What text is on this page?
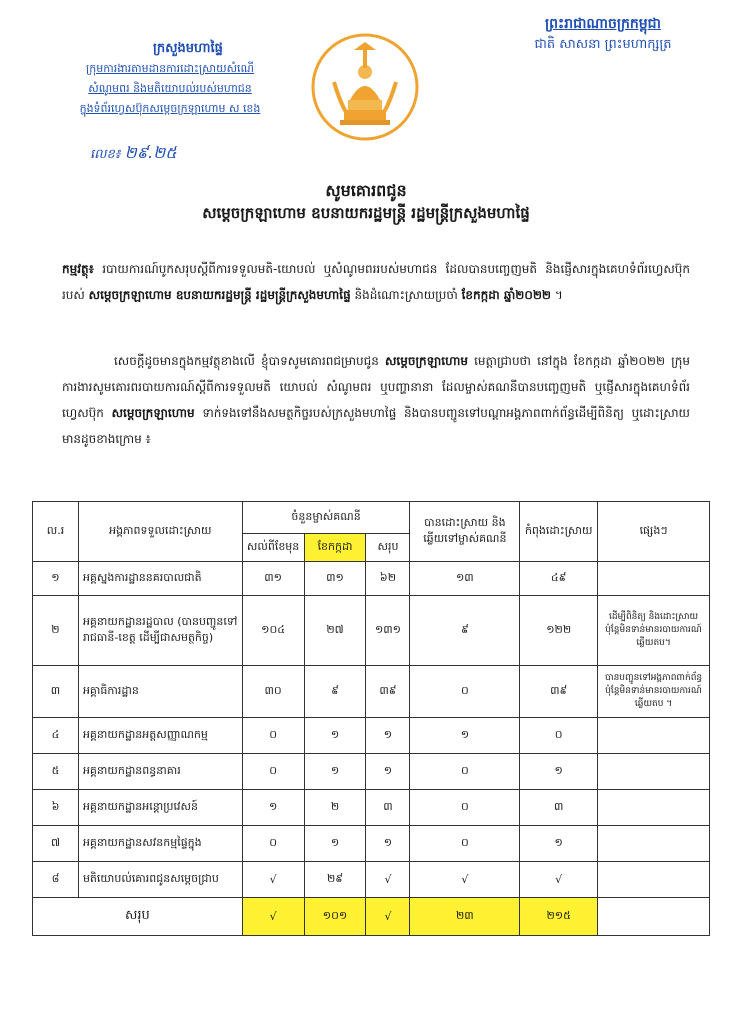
ក្រសួងមហាផ្ទៃ
ក្រុមការងារតាមដានការដោះស្រាយសំណើ
សំណូមពរ និងមតិយោបល់របស់មហាជន
ក្នុងទំព័រហ្វេសប៊ុកសម្តេចក្រឡាហោម ស ខេង
លេខ៖ ២៩.២៥
ព្រះរាជាណាចក្រកម្ពុជា
ជាតិ សាសនា ព្រះមហាក្សត្រ
សូមគោរពជូន
សម្តេចក្រឡាហោម ឧបនាយករដ្ឋមន្ត្រី រដ្ឋមន្ត្រីក្រសួងមហាផ្ទៃ
កម្មវត្ថុ៖ របាយការណ៍បូកសរុបស្តីពីការទទួលមតិ-យោបល់ ឬសំណូមពររបស់មហាជន ដែលបានបញ្ចេញមតិ និងផ្ញើសារក្នុងគេហទំព័រហ្វេសប៊ុករបស់ សម្តេចក្រឡាហោម ឧបនាយករដ្ឋមន្ត្រី រដ្ឋមន្ត្រីក្រសួងមហាផ្ទៃ និងដំណោះស្រាយប្រចាំ ខែកក្កដា ឆ្នាំ២០២២ ។
សេចក្តីដូចមានក្នុងកម្មវត្ថុខាងលើ ខ្ញុំបាទសូមគោរពជម្រាបជូន សម្តេចក្រឡាហោម មេត្តាជ្រាបថា នៅក្នុង ខែកក្កដា ឆ្នាំ២០២២ ក្រុមការងារសូមគោរពរបាយការណ៍ស្តីពីការទទួលមតិ យោបល់ សំណូមពរ ឬបញ្ហានានា ដែលម្ចាស់គណនីបានបញ្ចេញមតិ ឬផ្ញើសារក្នុងគេហទំព័រហ្វេសប៊ុក សម្តេចក្រឡាហោម ទាក់ទងទៅនឹងសមត្ថកិច្ចរបស់ក្រសួងមហាផ្ទៃ និងបានបញ្ជូនទៅបណ្តាអង្គភាពពាក់ព័ន្ធដើម្បីពិនិត្យ ឬដោះស្រាយ មានដូចខាងក្រោម ៖
ល.រ	អង្គភាពទទួលដោះស្រាយ	ចំនួនម្ចាស់គណនី			បានដោះស្រាយ និងឆ្លើយទៅម្ចាស់គណនី	កំពុងដោះស្រាយ	ផ្សេងៗ
		សល់ពីខែមុន	ខែកក្កដា	សរុប			
១	អគ្គស្នងការដ្ឋាននគរបាលជាតិ	៣១	៣១	៦២	១៣	៤៩	
២	អគ្គនាយកដ្ឋានរដ្ឋបាល (បានបញ្ជូនទៅរាជធានី-ខេត្ត ដើម្បីជាសមត្ថកិច្ច)	១០៤	២៧	១៣១	៩	១២២	ដើម្បីពិនិត្យ និងដោះស្រាយប៉ុន្តែមិនទាន់មានរបាយការណ៍ឆ្លើយតប។
៣	អគ្គាធិការដ្ឋាន	៣០	៩	៣៩	០	៣៩	បានបញ្ជូនទៅអង្គភាពពាក់ព័ន្ធ ប៉ុន្តែមិនទាន់មានរបាយការណ៍ឆ្លើយតប ។
៤	អគ្គនាយកដ្ឋានអត្តសញ្ញាណកម្ម	០	១	១	១	០	
៥	អគ្គនាយកដ្ឋានពន្ធនាគារ	០	១	១	០	១	
៦	អគ្គនាយកដ្ឋានអន្តោប្រវេសន៍	១	២	៣	០	៣	
៧	អគ្គនាយកដ្ឋានសវនកម្មផ្ទៃក្នុង	០	១	១	០	១	
៨	មតិយោបល់គោរពជូនសម្តេចជ្រាប	√	២៩	√	√	√	
សរុប		√	១០១	√	២៣	២១៥	
